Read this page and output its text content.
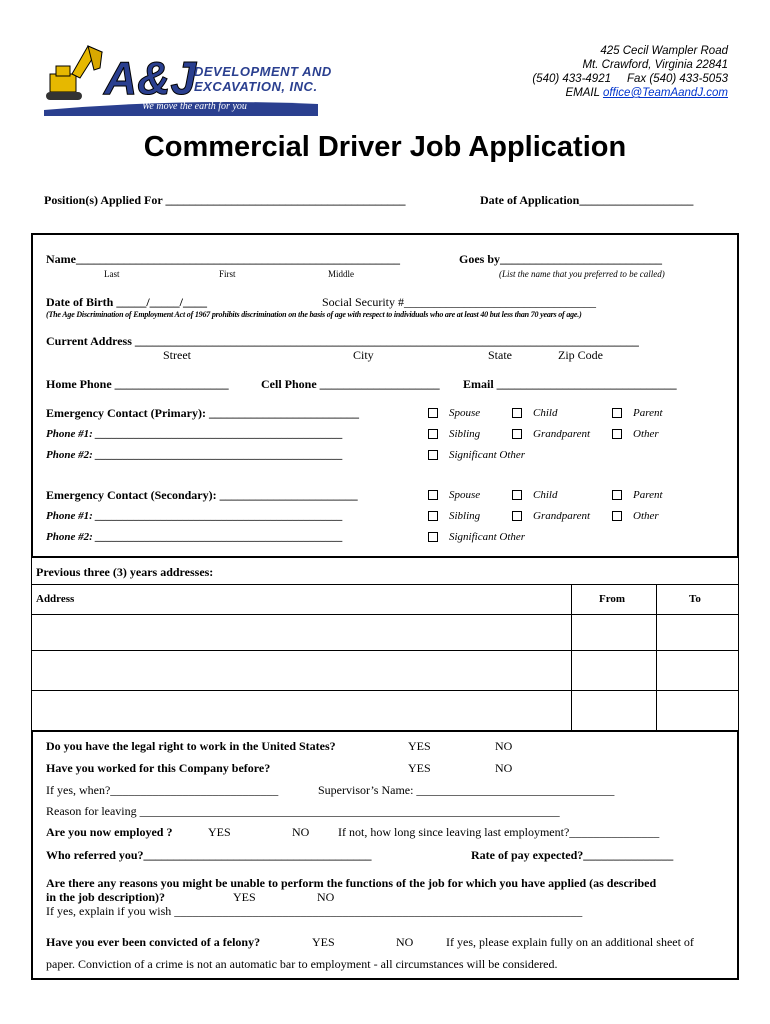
A&J
DEVELOPMENT AND
EXCAVATION, INC.
We move the earth for you
425 Cecil Wampler Road
Mt. Crawford, Virginia 22841
(540) 433-4921 Fax (540) 433-5053
EMAIL office@TeamAandJ.com
Commercial Driver Job Application
Position(s) Applied For ________________________________________	Date of Application___________________
Name______________________________________________________
Last	First	Middle
Goes by___________________________
(List the name that you preferred to be called)
Date of Birth _____/_____/____	Social Security #________________________________
(The Age Discrimination of Employment Act of 1967 prohibits discrimination on the basis of age with respect to individuals who are at least 40 but less than 70 years of age.)
Current Address ____________________________________________________________________________________
Street	City	State	Zip Code
Home Phone ___________________	Cell Phone ____________________ Email ______________________________
Emergency Contact (Primary): _________________________
Phone #1: _____________________________________________
Phone #2: _____________________________________________
Spouse	Child	Parent
Sibling	Grandparent	Other
Significant Other
Emergency Contact (Secondary): _______________________
Phone #1: _____________________________________________
Phone #2: _____________________________________________
Spouse	Child	Parent
Sibling	Grandparent	Other
Significant Other
Previous three (3) years addresses:
Address	From	To
Do you have the legal right to work in the United States?	YES	NO
Have you worked for this Company before?	YES	NO
If yes, when?____________________________	Supervisor’s Name: _________________________________
Reason for leaving ______________________________________________________________________
Are you now employed ?	YES	NO If not, how long since leaving last employment?_______________
Who referred you?______________________________________	Rate of pay expected?_______________
Are there any reasons you might be unable to perform the functions of the job for which you have applied (as described
in the job description)?	YES	NO
If yes, explain if you wish ____________________________________________________________________
Have you ever been convicted of a felony?	YES	NO	If yes, please explain fully on an additional sheet of
paper. Conviction of a crime is not an automatic bar to employment - all circumstances will be considered.
